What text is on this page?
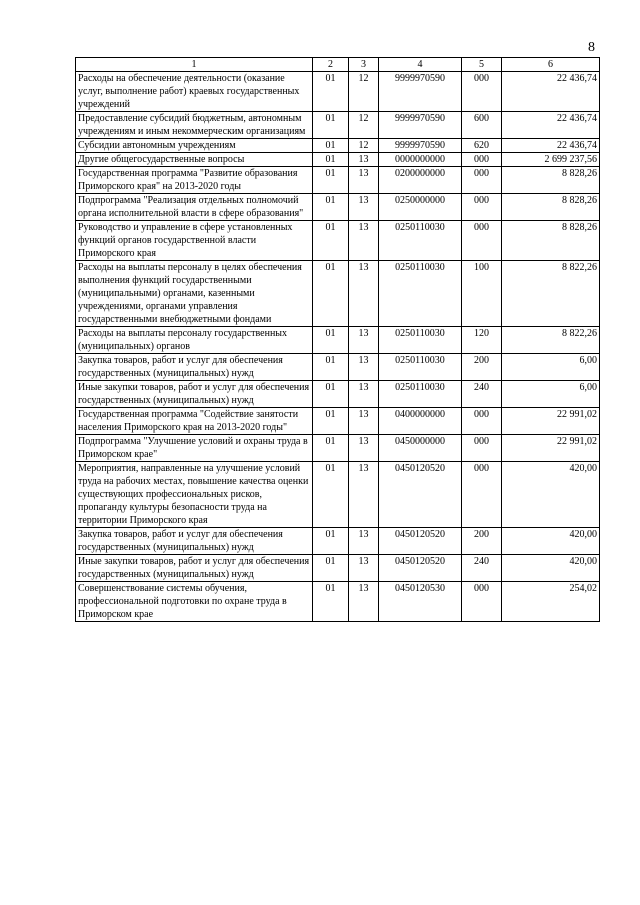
8
1	2	3	4	5	6
Расходы на обеспечение деятельности (оказание услуг, выполнение работ) краевых государственных учреждений	01	12	9999970590	000	22 436,74
Предоставление субсидий бюджетным, автономным учреждениям и иным некоммерческим организациям	01	12	9999970590	600	22 436,74
Субсидии автономным учреждениям	01	12	9999970590	620	22 436,74
Другие общегосударственные вопросы	01	13	0000000000	000	2 699 237,56
Государственная программа "Развитие образования Приморского края" на 2013-2020 годы	01	13	0200000000	000	8 828,26
Подпрограмма "Реализация отдельных полномочий органа исполнительной власти в сфере образования"	01	13	0250000000	000	8 828,26
Руководство и управление в сфере установленных функций органов государственной власти Приморского края	01	13	0250110030	000	8 828,26
Расходы на выплаты персоналу в целях обеспечения выполнения функций государственными (муниципальными) органами, казенными учреждениями, органами управления государственными внебюджетными фондами	01	13	0250110030	100	8 822,26
Расходы на выплаты персоналу государственных (муниципальных) органов	01	13	0250110030	120	8 822,26
Закупка товаров, работ и услуг для обеспечения государственных (муниципальных) нужд	01	13	0250110030	200	6,00
Иные закупки товаров, работ и услуг для обеспечения государственных (муниципальных) нужд	01	13	0250110030	240	6,00
Государственная программа "Содействие занятости населения Приморского края на 2013-2020 годы"	01	13	0400000000	000	22 991,02
Подпрограмма "Улучшение условий и охраны труда в Приморском крае"	01	13	0450000000	000	22 991,02
Мероприятия, направленные на улучшение условий труда на рабочих местах, повышение качества оценки существующих профессиональных рисков, пропаганду культуры безопасности труда на территории Приморского края	01	13	0450120520	000	420,00
Закупка товаров, работ и услуг для обеспечения государственных (муниципальных) нужд	01	13	0450120520	200	420,00
Иные закупки товаров, работ и услуг для обеспечения государственных (муниципальных) нужд	01	13	0450120520	240	420,00
Совершенствование системы обучения, профессиональной подготовки по охране труда в Приморском крае	01	13	0450120530	000	254,02
